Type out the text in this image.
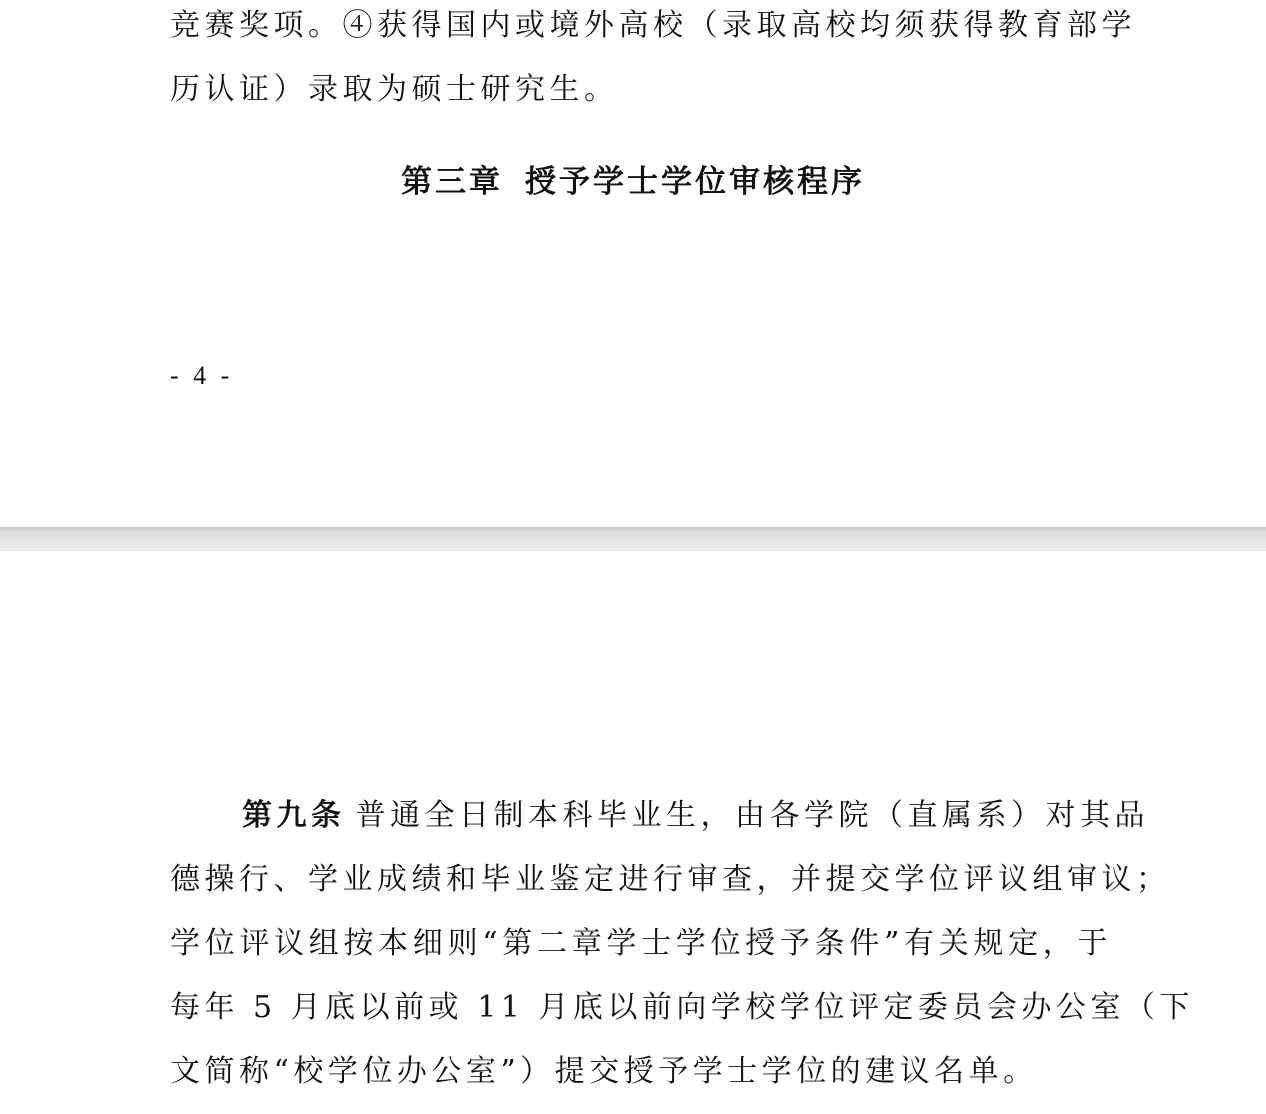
竞赛奖项。④获得国内或境外高校（录取高校均须获得教育部学
历认证）录取为硕士研究生。
第三章 授予学士学位审核程序
- 4 -
第九条 普通全日制本科毕业生，由各学院（直属系）对其品
德操行、学业成绩和毕业鉴定进行审查，并提交学位评议组审议；
学位评议组按本细则“第二章学士学位授予条件”有关规定，于
每年 5 月底以前或 11 月底以前向学校学位评定委员会办公室（下
文简称“校学位办公室”）提交授予学士学位的建议名单。
